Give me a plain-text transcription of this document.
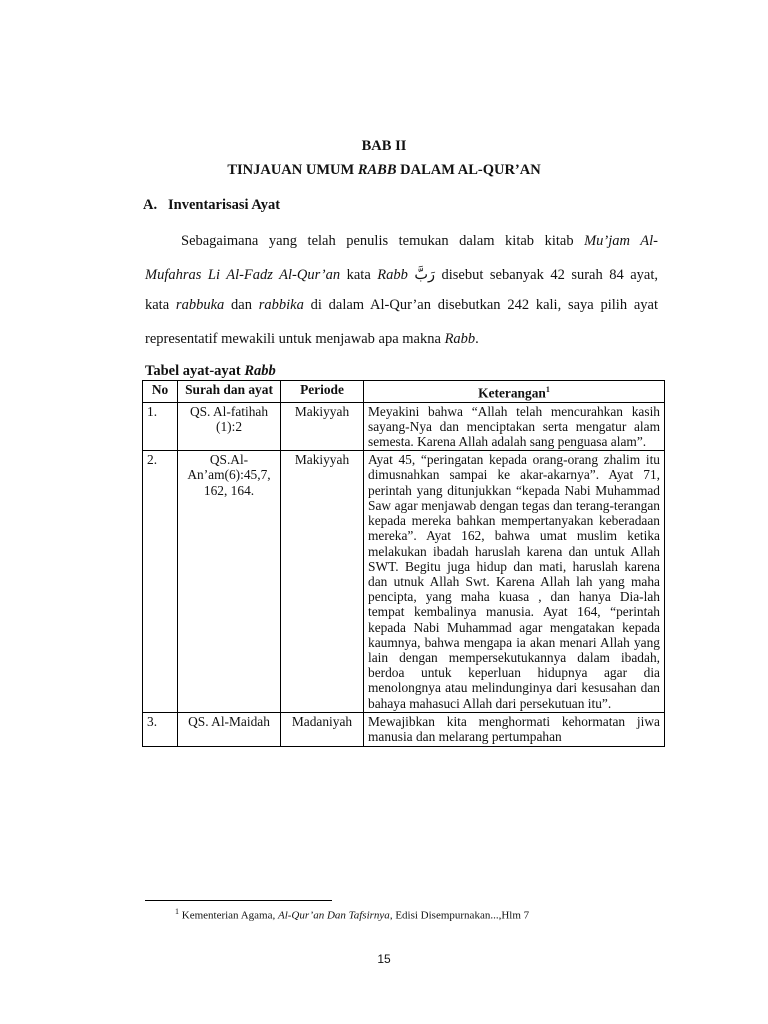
BAB II
TINJAUAN UMUM RABB DALAM AL-QUR’AN
A. Inventarisasi Ayat
Sebagaimana yang telah penulis temukan dalam kitab kitab Mu’jam Al-
Mufahras Li Al-Fadz Al-Qur’an kata Rabb رَبَّ disebut sebanyak 42 surah 84 ayat,
kata rabbuka dan rabbika di dalam Al-Qur’an disebutkan 242 kali, saya pilih ayat
representatif mewakili untuk menjawab apa makna Rabb.
Tabel ayat-ayat Rabb
No	Surah dan ayat	Periode	Keterangan$^1$
1.	QS. Al-fatihah (1):2	Makiyyah	Meyakini bahwa “Allah telah mencurahkan kasih sayang-Nya dan menciptakan serta mengatur alam semesta. Karena Allah adalah sang penguasa alam”.
2.	QS.Al-An’am(6):45,7, 162, 164.	Makiyyah	Ayat 45, “peringatan kepada orang-orang zhalim itu dimusnahkan sampai ke akar-akarnya”. Ayat 71, perintah yang ditunjukkan “kepada Nabi Muhammad Saw agar menjawab dengan tegas dan terang-terangan kepada mereka bahkan mempertanyakan keberadaan mereka”. Ayat 162, bahwa umat muslim ketika melakukan ibadah haruslah karena dan untuk Allah SWT. Begitu juga hidup dan mati, haruslah karena dan utnuk Allah Swt. Karena Allah lah yang maha pencipta, yang maha kuasa , dan hanya Dia-lah tempat kembalinya manusia. Ayat 164, “perintah kepada Nabi Muhammad agar mengatakan kepada kaumnya, bahwa mengapa ia akan menari Allah yang lain dengan mempersekutukannya dalam ibadah, berdoa untuk keperluan hidupnya agar dia menolongnya atau melindunginya dari kesusahan dan bahaya mahasuci Allah dari persekutuan itu”.
3.	QS. Al-Maidah	Madaniyah	Mewajibkan kita menghormati kehormatan jiwa manusia dan melarang pertumpahan
$^1$ Kementerian Agama, Al-Qur’an Dan Tafsirnya, Edisi Disempurnakan...,Hlm 7
15
